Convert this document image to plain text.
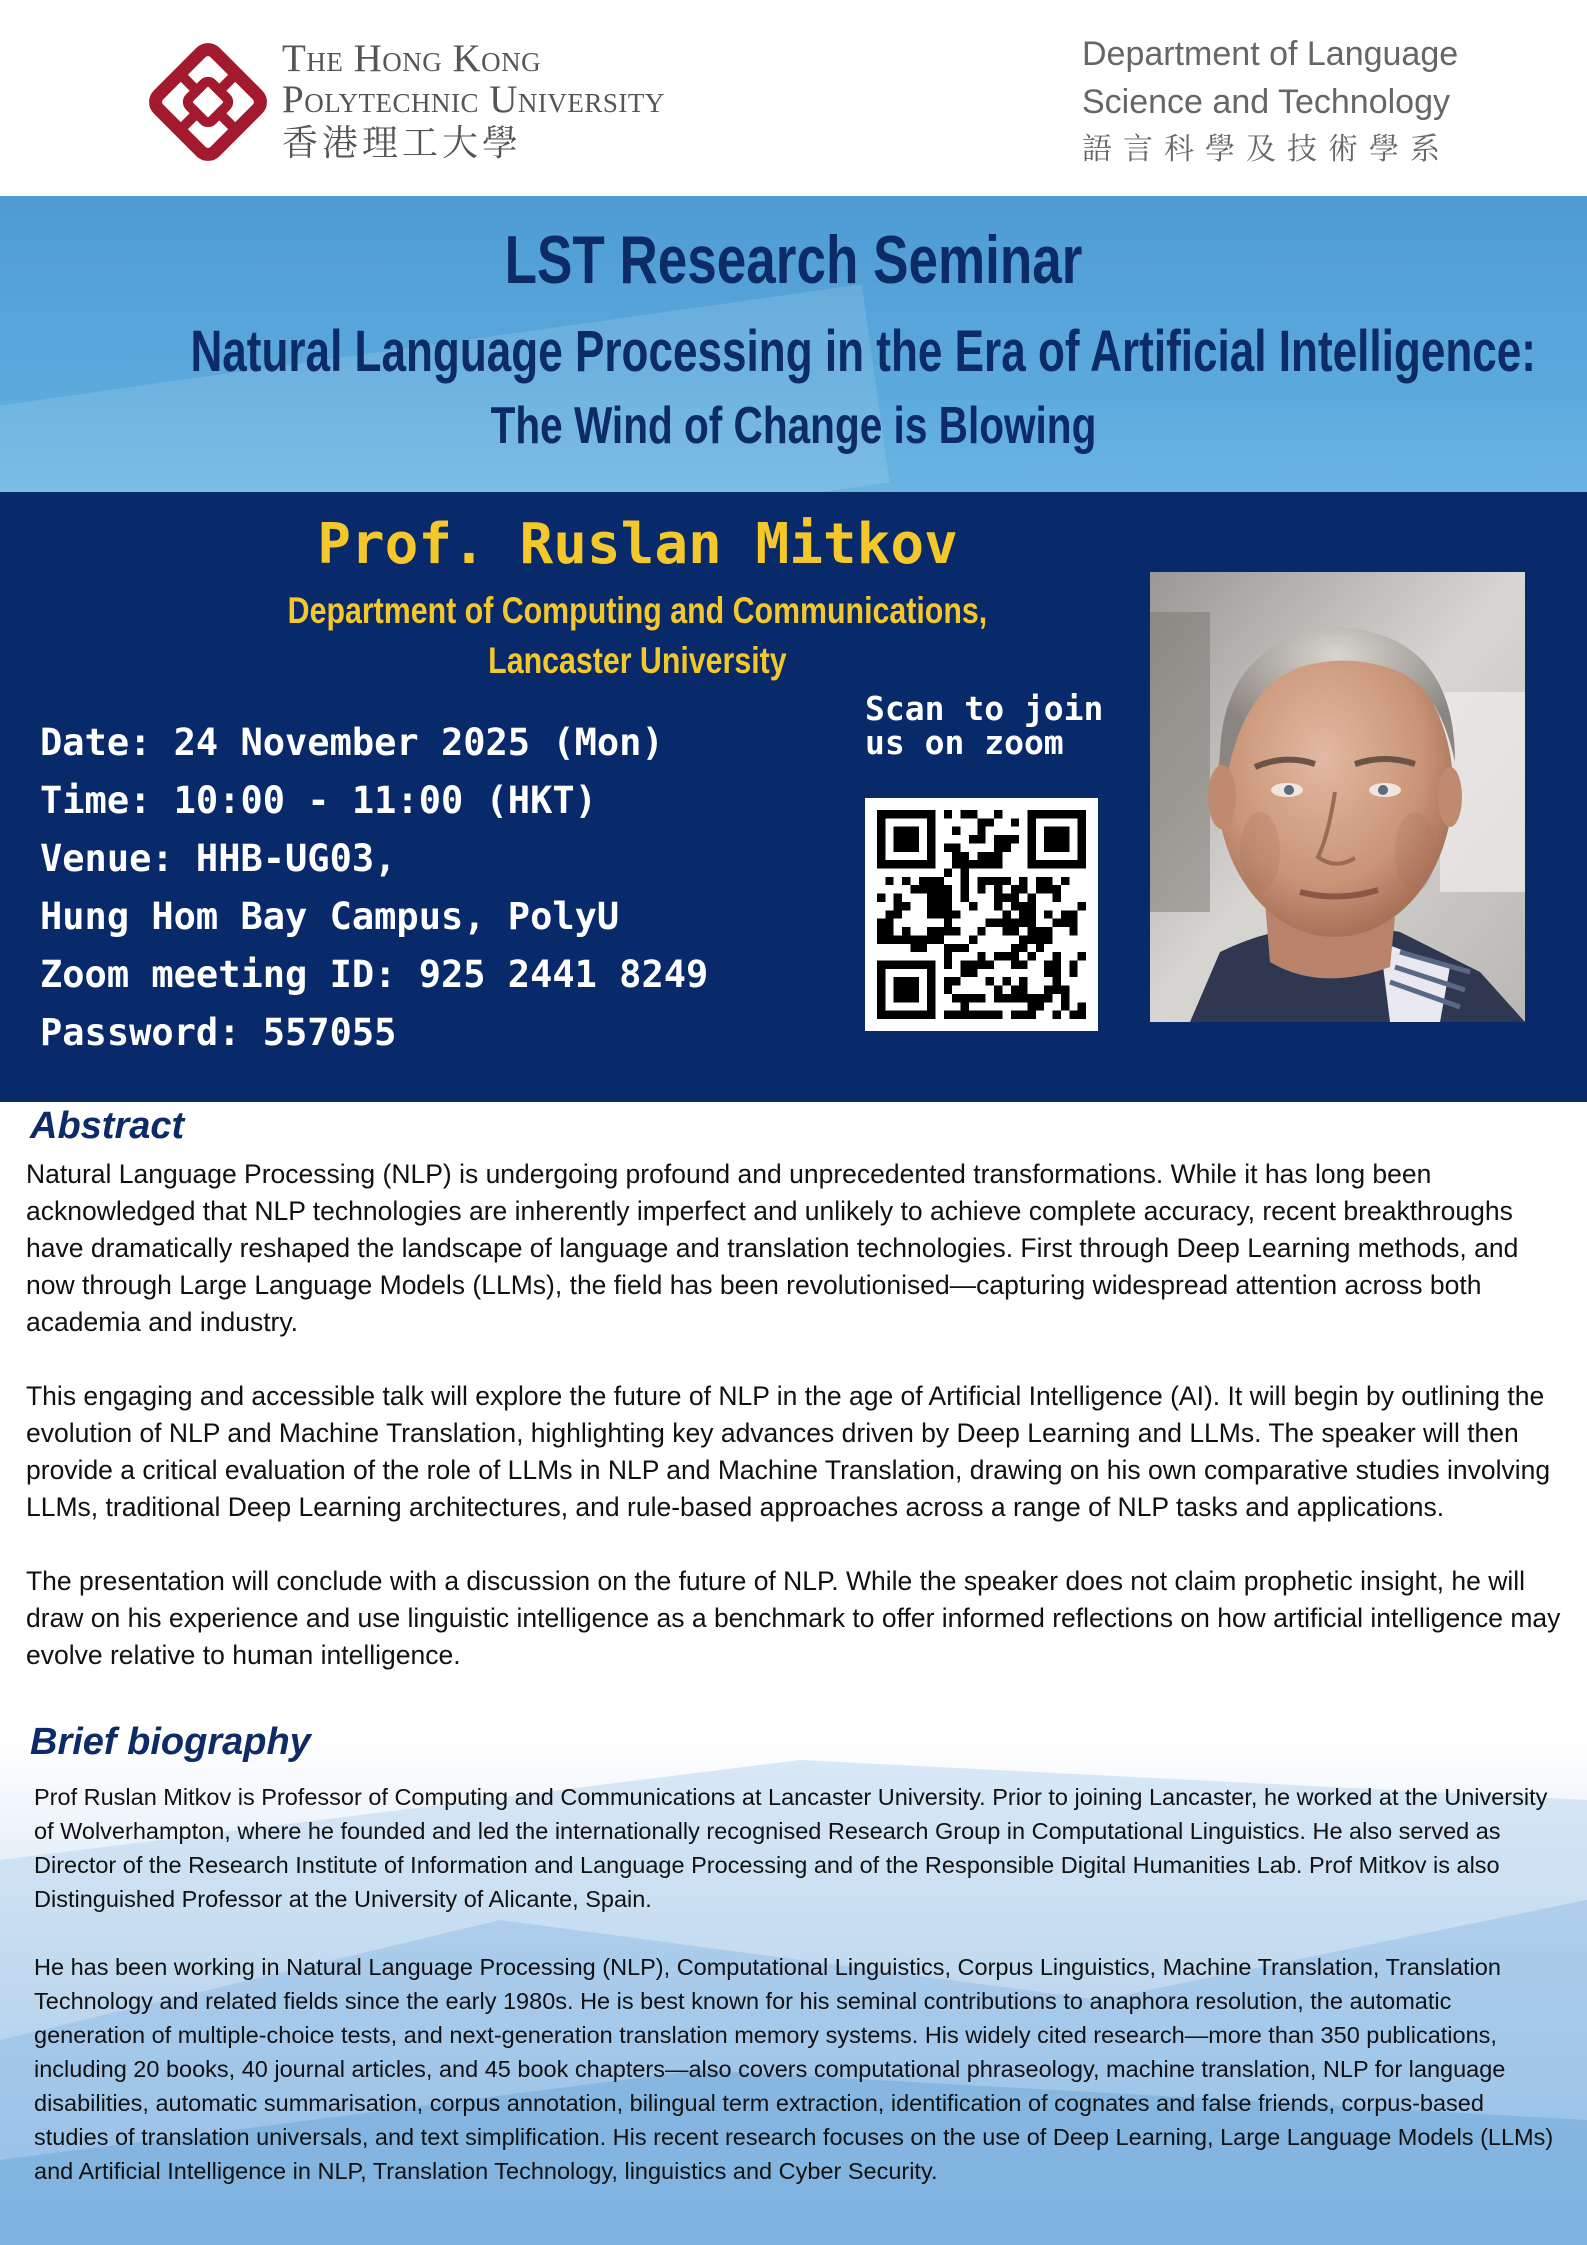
The Hong Kong
Polytechnic University
香港理工大學
Department of Language
Science and Technology
語言科學及技術學系
LST Research Seminar
Natural Language Processing in the Era of Artificial Intelligence:
The Wind of Change is Blowing
Prof. Ruslan Mitkov
Department of Computing and Communications,
Lancaster University
Date: 24 November 2025 (Mon)
Time: 10:00 - 11:00 (HKT)
Venue: HHB-UG03,
Hung Hom Bay Campus, PolyU
Zoom meeting ID: 925 2441 8249
Password: 557055
Scan to join
us on zoom
Abstract

Natural Language Processing (NLP) is undergoing profound and unprecedented transformations. While it has long been acknowledged that NLP technologies are inherently imperfect and unlikely to achieve complete accuracy, recent breakthroughs have dramatically reshaped the landscape of language and translation technologies. First through Deep Learning methods, and now through Large Language Models (LLMs), the field has been revolutionised—capturing widespread attention across both academia and industry.

This engaging and accessible talk will explore the future of NLP in the age of Artificial Intelligence (AI). It will begin by outlining the evolution of NLP and Machine Translation, highlighting key advances driven by Deep Learning and LLMs. The speaker will then provide a critical evaluation of the role of LLMs in NLP and Machine Translation, drawing on his own comparative studies involving LLMs, traditional Deep Learning architectures, and rule-based approaches across a range of NLP tasks and applications.

The presentation will conclude with a discussion on the future of NLP. While the speaker does not claim prophetic insight, he will draw on his experience and use linguistic intelligence as a benchmark to offer informed reflections on how artificial intelligence may evolve relative to human intelligence.

Brief biography

Prof Ruslan Mitkov is Professor of Computing and Communications at Lancaster University. Prior to joining Lancaster, he worked at the University of Wolverhampton, where he founded and led the internationally recognised Research Group in Computational Linguistics. He also served as Director of the Research Institute of Information and Language Processing and of the Responsible Digital Humanities Lab. Prof Mitkov is also Distinguished Professor at the University of Alicante, Spain.

He has been working in Natural Language Processing (NLP), Computational Linguistics, Corpus Linguistics, Machine Translation, Translation Technology and related fields since the early 1980s. He is best known for his seminal contributions to anaphora resolution, the automatic generation of multiple-choice tests, and next-generation translation memory systems. His widely cited research—more than 350 publications, including 20 books, 40 journal articles, and 45 book chapters—also covers computational phraseology, machine translation, NLP for language disabilities, automatic summarisation, corpus annotation, bilingual term extraction, identification of cognates and false friends, corpus-based studies of translation universals, and text simplification. His recent research focuses on the use of Deep Learning, Large Language Models (LLMs) and Artificial Intelligence in NLP, Translation Technology, linguistics and Cyber Security.
